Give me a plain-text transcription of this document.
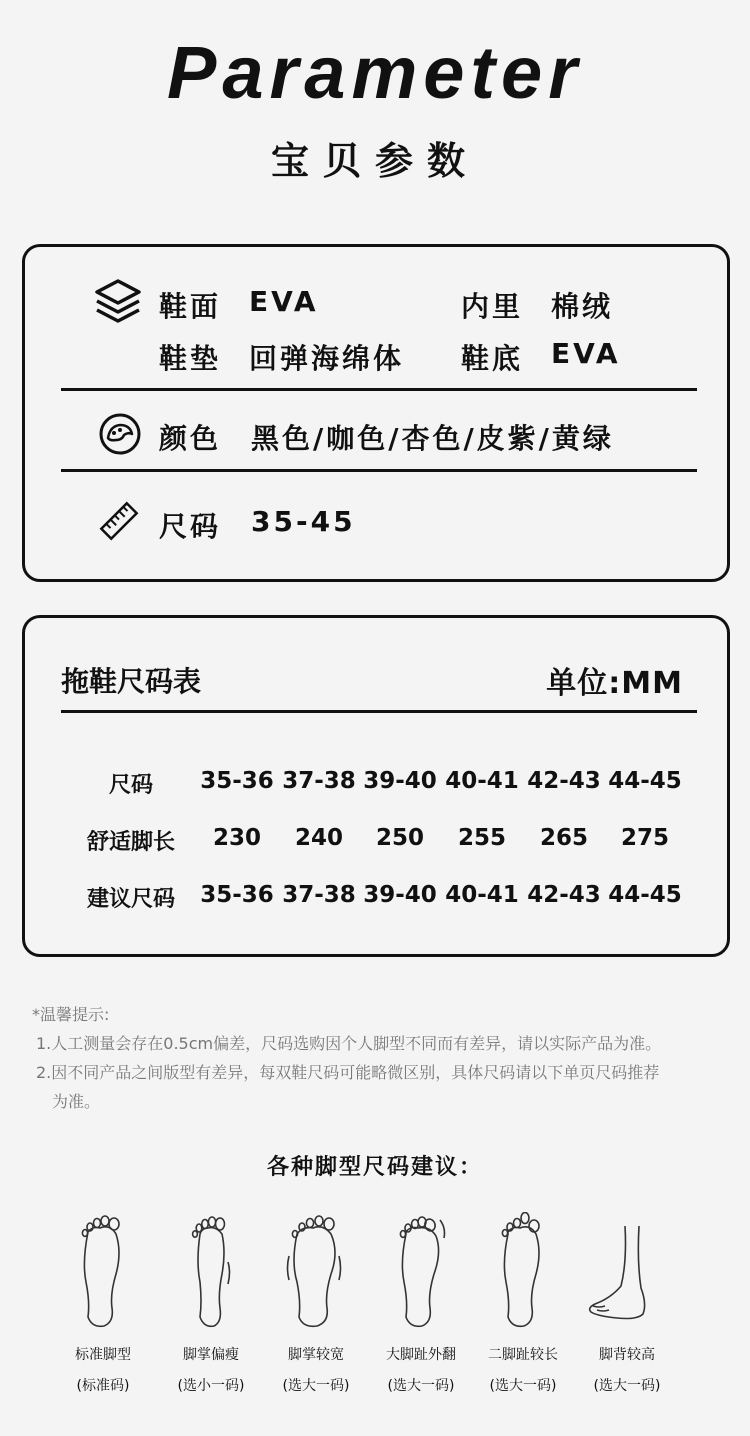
Parameter
宝贝参数
鞋面 EVA	内里 棉绒
鞋垫 回弹海绵体 鞋底 EVA
颜色 黑色/咖色/杏色/皮紫/黄绿
尺码 35-45
拖鞋尺码表	单位:MM
尺码	35-36 37-38 39-40 40-41 42-43 44-45
舒适脚长	230	240	250	255	265	275
建议尺码	35-36 37-38 39-40 40-41 42-43 44-45
*温馨提示:
1.人工测量会存在0.5cm偏差，尺码选购因个人脚型不同而有差异，请以实际产品为准。
2.因不同产品之间版型有差异，每双鞋尺码可能略微区别，具体尺码请以下单页尺码推荐
为准。
各种脚型尺码建议：
标准脚型
(标准码)
脚掌偏瘦
(选小一码)
脚掌较宽
(选大一码)
大脚趾外翻
(选大一码)
二脚趾较长
(选大一码)
脚背较高
(选大一码)
